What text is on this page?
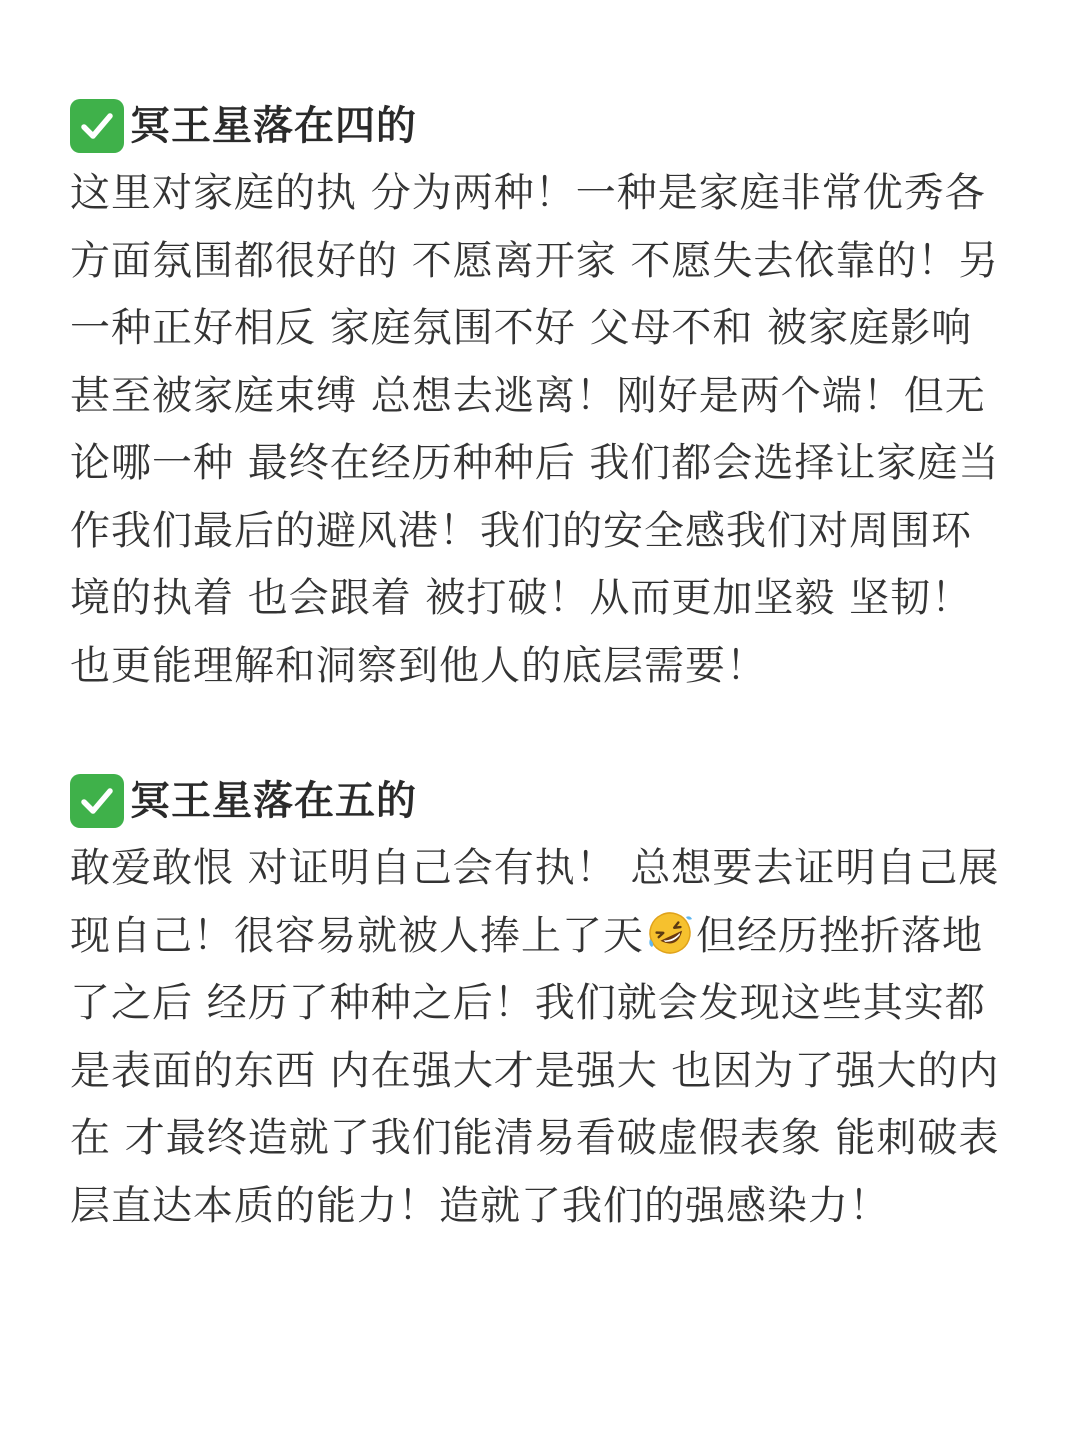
冥王星落在四的

这里对家庭的执 分为两种！一种是家庭非常优秀各方面氛围都很好的 不愿离开家 不愿失去依靠的！另一种正好相反 家庭氛围不好 父母不和 被家庭影响 甚至被家庭束缚 总想去逃离！刚好是两个端！但无论哪一种 最终在经历种种后 我们都会选择让家庭当作我们最后的避风港！我们的安全感我们对周围环境的执着 也会跟着 被打破！从而更加坚毅 坚韧！也更能理解和洞察到他人的底层需要！

冥王星落在五的

敢爱敢恨 对证明自己会有执！ 总想要去证明自己展现自己！很容易就被人捧上了天 但经历挫折落地了之后 经历了种种之后！我们就会发现这些其实都是表面的东西 内在强大才是强大 也因为了强大的内在 才最终造就了我们能清易看破虚假表象 能刺破表层直达本质的能力！造就了我们的强感染力！
